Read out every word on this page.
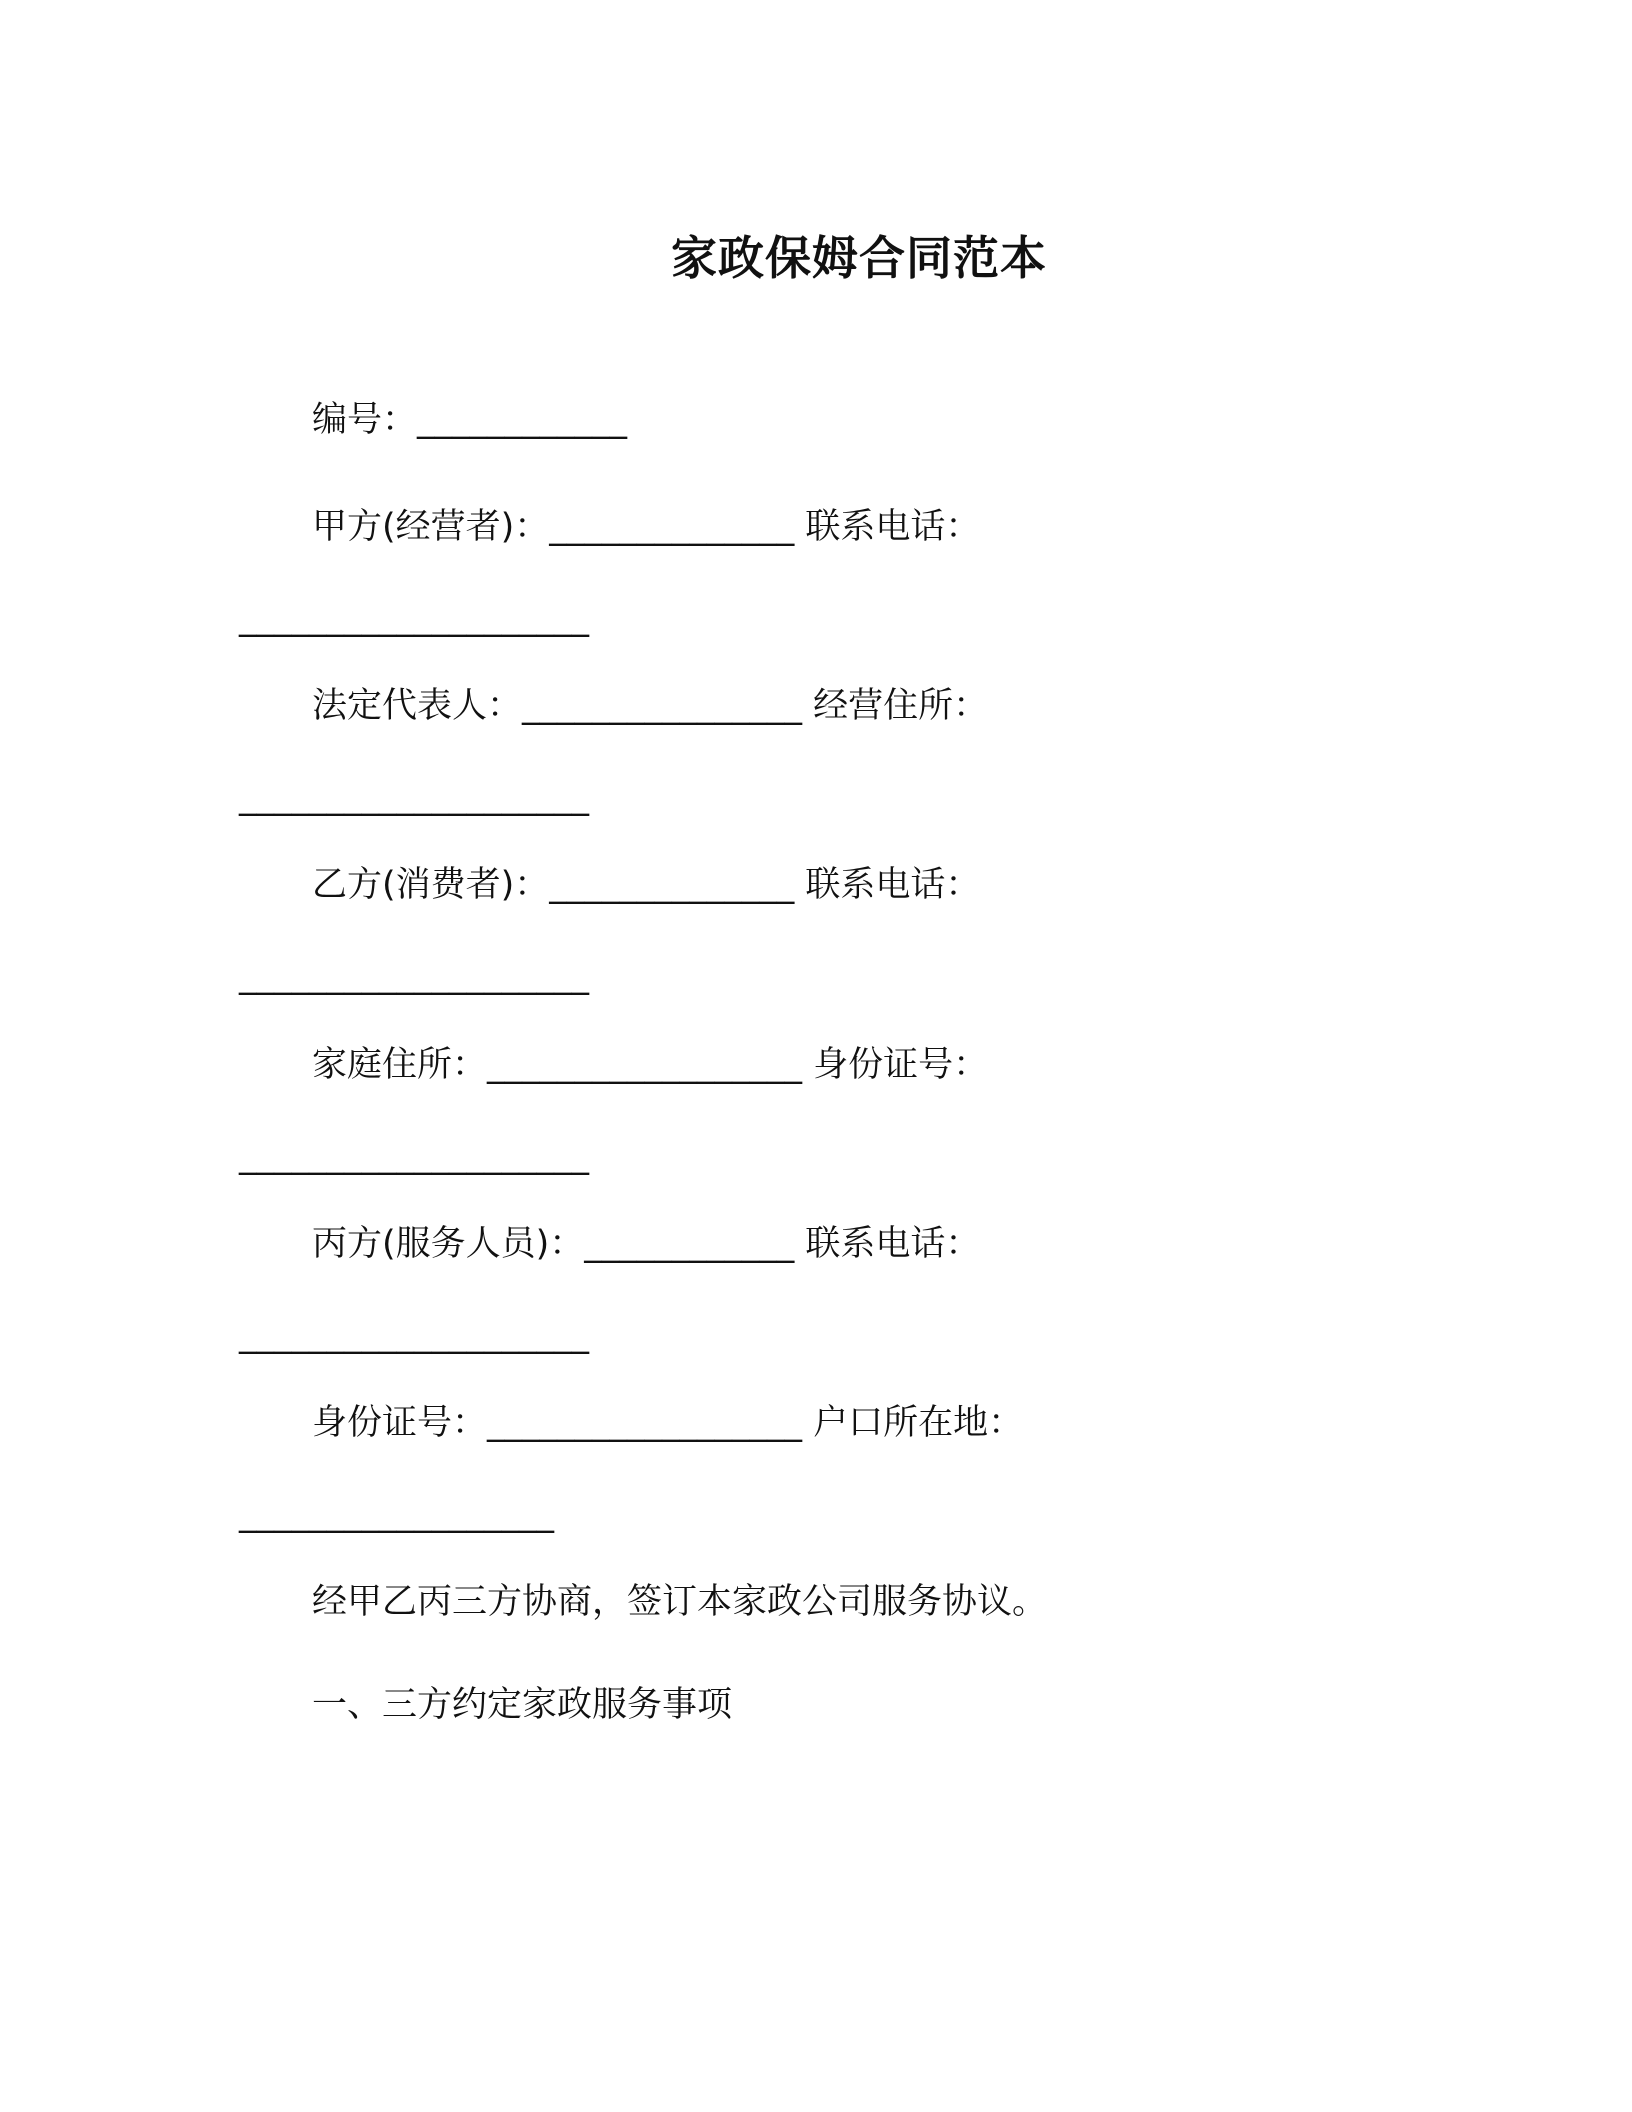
家政保姆合同范本
编号：____________
甲方(经营者)：______________ 联系电话：
____________________
法定代表人：________________ 经营住所：
____________________
乙方(消费者)：______________ 联系电话：
____________________
家庭住所：__________________ 身份证号：
____________________
丙方(服务人员)：____________ 联系电话：
____________________
身份证号：__________________ 户口所在地：
__________________
经甲乙丙三方协商，签订本家政公司服务协议。
一、三方约定家政服务事项
